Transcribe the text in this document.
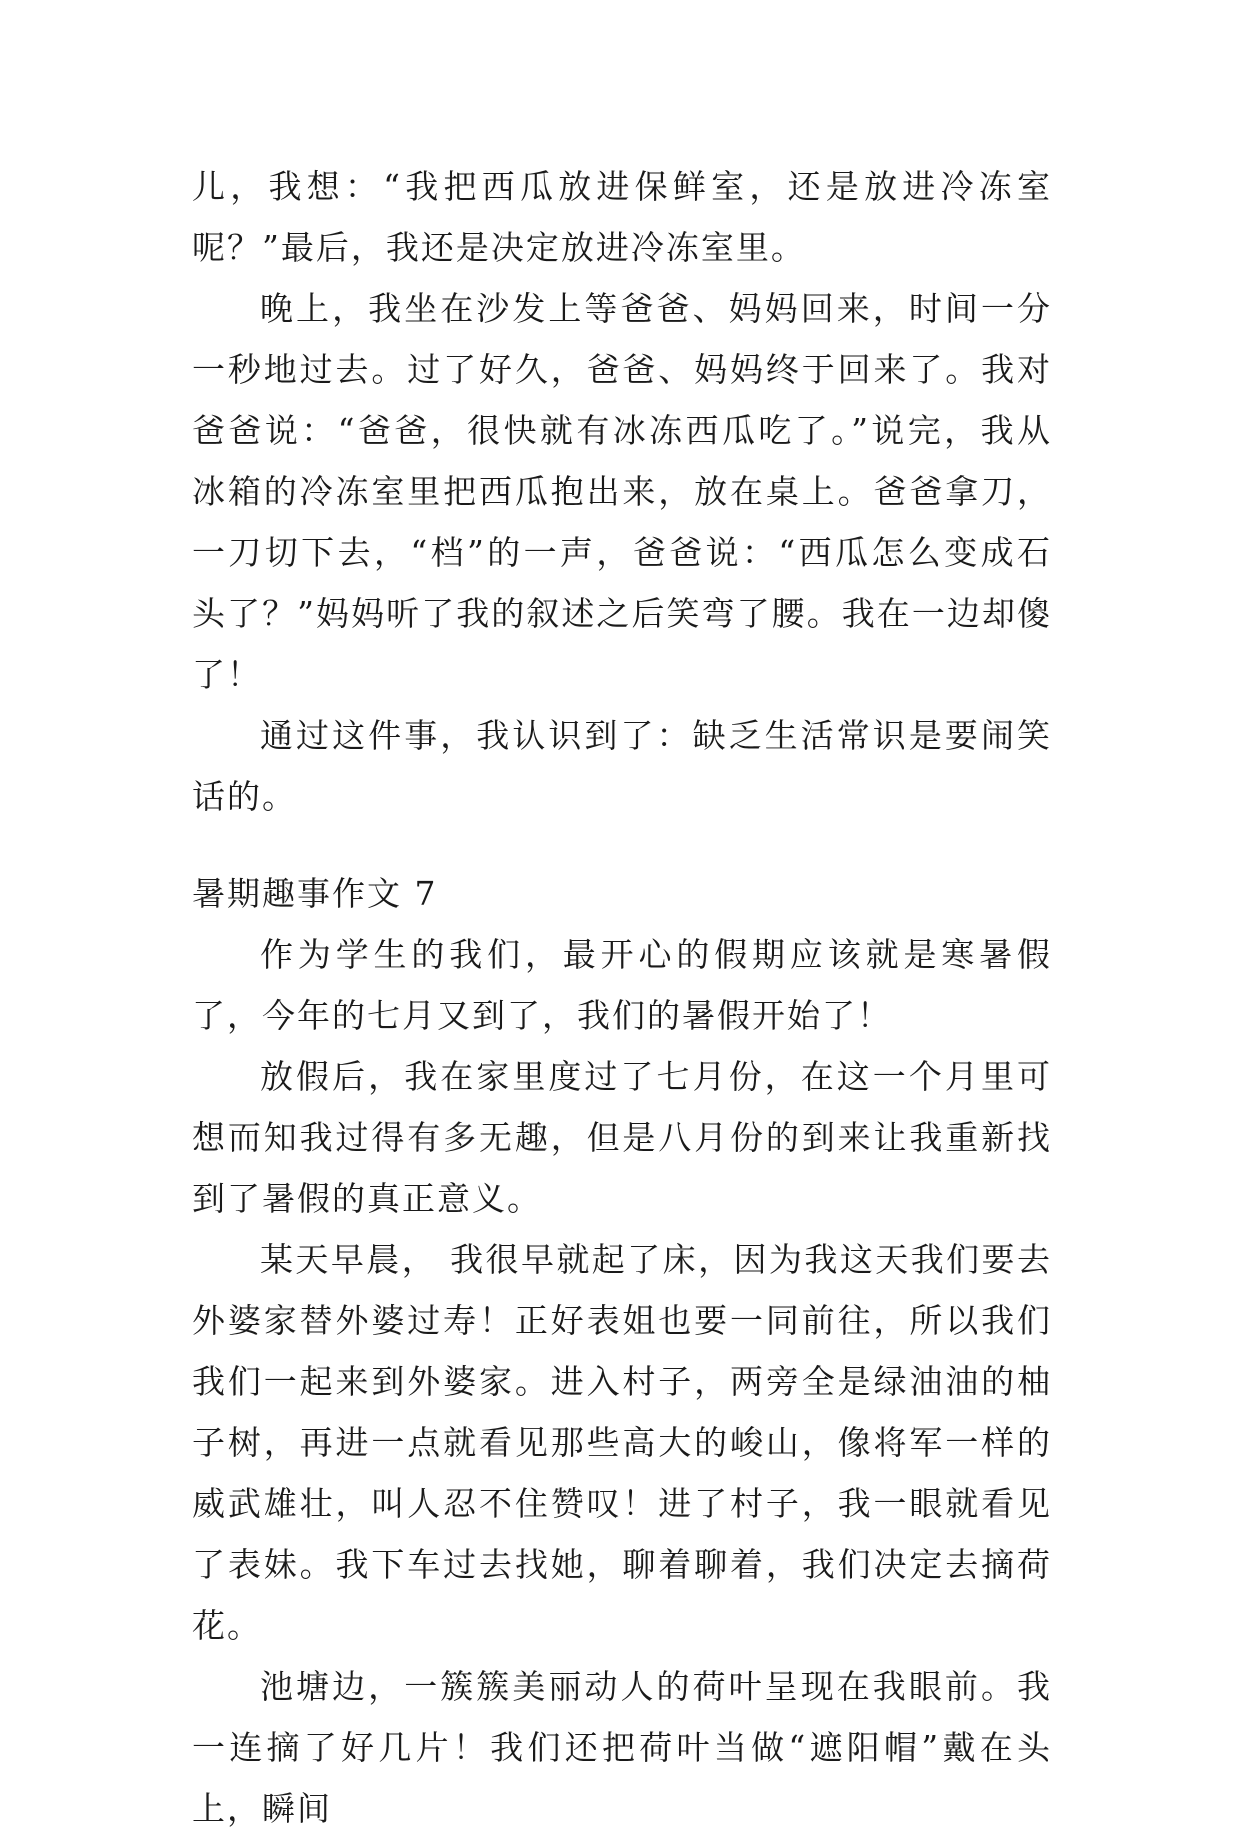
儿，我想：“我把西瓜放进保鲜室，还是放进冷冻室呢？”最后，我还是决定放进冷冻室里。

晚上，我坐在沙发上等爸爸、妈妈回来，时间一分一秒地过去。过了好久，爸爸、妈妈终于回来了。我对爸爸说：“爸爸，很快就有冰冻西瓜吃了。”说完，我从冰箱的冷冻室里把西瓜抱出来，放在桌上。爸爸拿刀，一刀切下去，“档”的一声，爸爸说：“西瓜怎么变成石头了？”妈妈听了我的叙述之后笑弯了腰。我在一边却傻了！

通过这件事，我认识到了：缺乏生活常识是要闹笑话的。

暑期趣事作文 7

作为学生的我们，最开心的假期应该就是寒暑假了，今年的七月又到了，我们的暑假开始了！

放假后，我在家里度过了七月份，在这一个月里可想而知我过得有多无趣，但是八月份的到来让我重新找到了暑假的真正意义。

某天早晨， 我很早就起了床，因为我这天我们要去外婆家替外婆过寿！正好表姐也要一同前往，所以我们我们一起来到外婆家。进入村子，两旁全是绿油油的柚子树，再进一点就看见那些高大的峻山，像将军一样的威武雄壮，叫人忍不住赞叹！进了村子，我一眼就看见了表妹。我下车过去找她，聊着聊着，我们决定去摘荷花。

池塘边，一簇簇美丽动人的荷叶呈现在我眼前。我一连摘了好几片！我们还把荷叶当做“遮阳帽”戴在头上，瞬间
